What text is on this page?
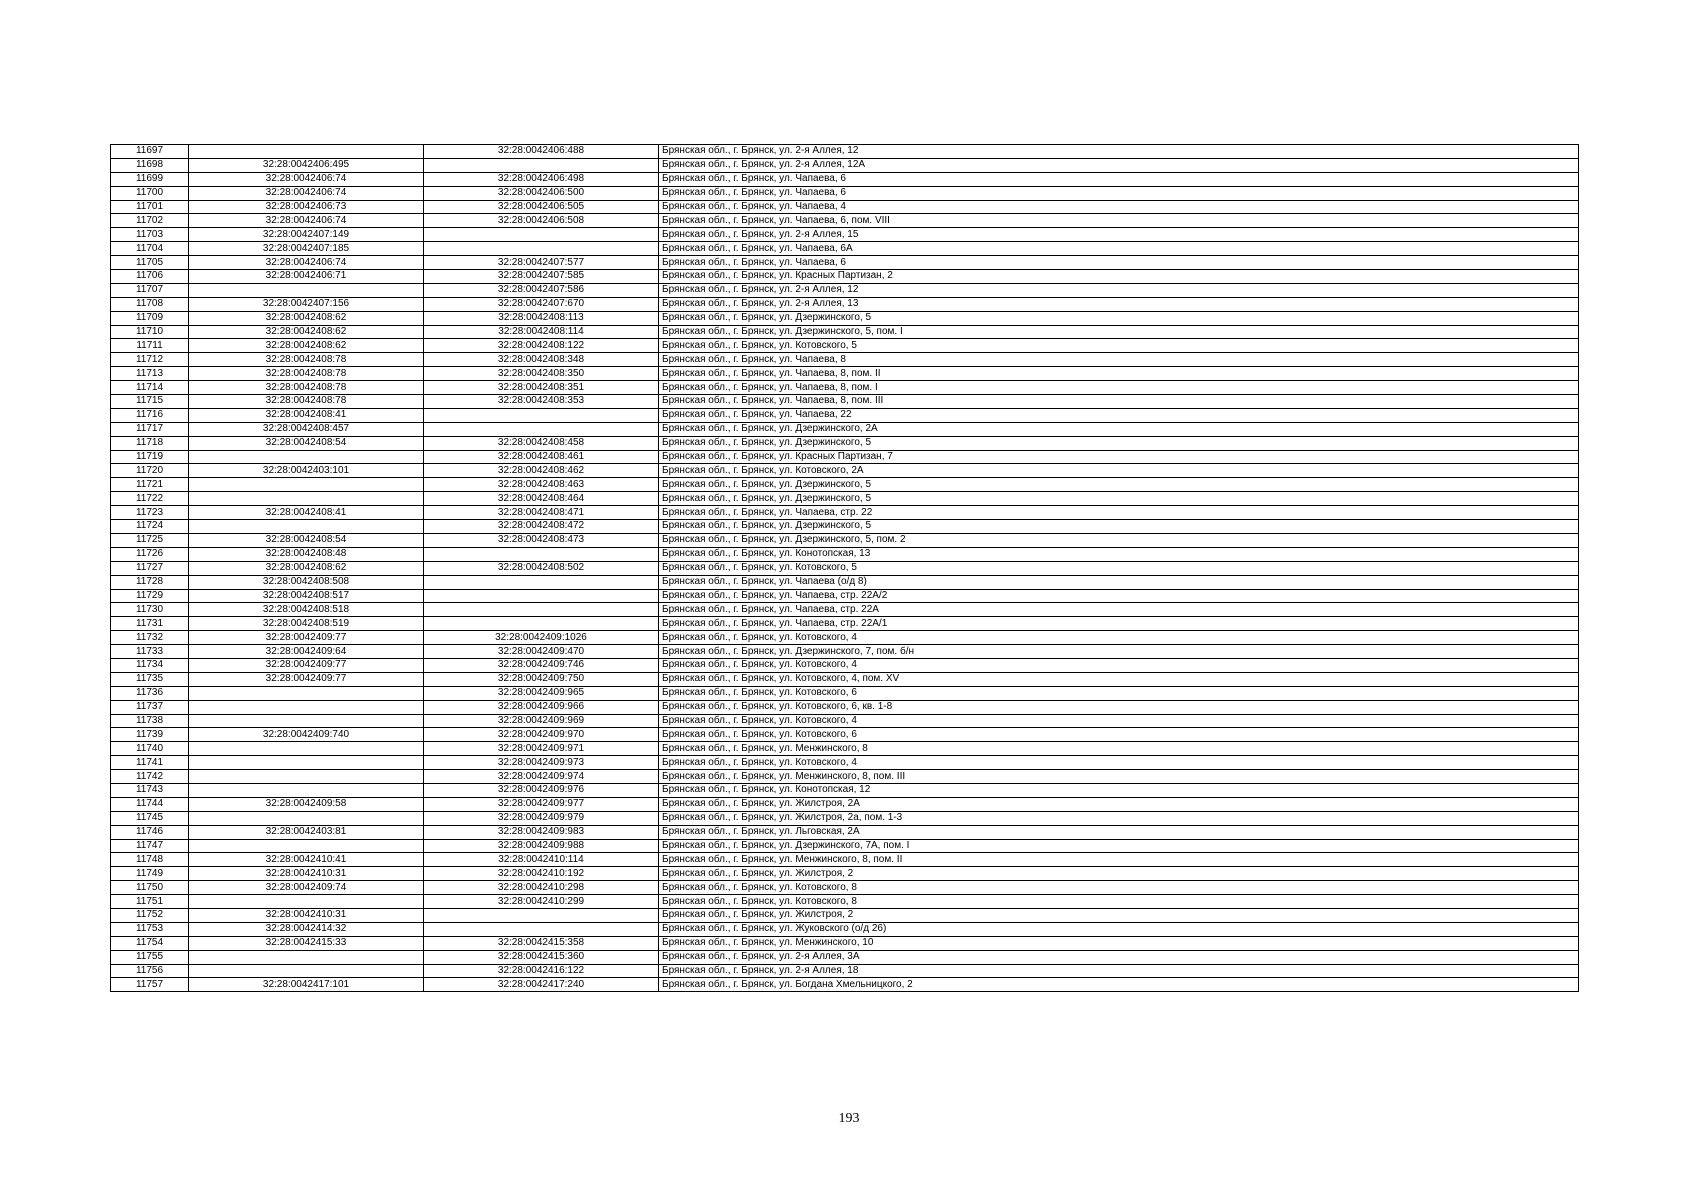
11697		32:28:0042406:488	Брянская обл., г. Брянск, ул. 2-я Аллея, 12
11698	32:28:0042406:495		Брянская обл., г. Брянск, ул. 2-я Аллея, 12А
11699	32:28:0042406:74	32:28:0042406:498	Брянская обл., г. Брянск, ул. Чапаева, 6
11700	32:28:0042406:74	32:28:0042406:500	Брянская обл., г. Брянск, ул. Чапаева, 6
11701	32:28:0042406:73	32:28:0042406:505	Брянская обл., г. Брянск, ул. Чапаева, 4
11702	32:28:0042406:74	32:28:0042406:508	Брянская обл., г. Брянск, ул. Чапаева, 6, пом. VIII
11703	32:28:0042407:149		Брянская обл., г. Брянск, ул. 2-я Аллея, 15
11704	32:28:0042407:185		Брянская обл., г. Брянск, ул. Чапаева, 6А
11705	32:28:0042406:74	32:28:0042407:577	Брянская обл., г. Брянск, ул. Чапаева, 6
11706	32:28:0042406:71	32:28:0042407:585	Брянская обл., г. Брянск, ул. Красных Партизан, 2
11707		32:28:0042407:586	Брянская обл., г. Брянск, ул. 2-я Аллея, 12
11708	32:28:0042407:156	32:28:0042407:670	Брянская обл., г. Брянск, ул. 2-я Аллея, 13
11709	32:28:0042408:62	32:28:0042408:113	Брянская обл., г. Брянск, ул. Дзержинского, 5
11710	32:28:0042408:62	32:28:0042408:114	Брянская обл., г. Брянск, ул. Дзержинского, 5, пом. I
11711	32:28:0042408:62	32:28:0042408:122	Брянская обл., г. Брянск, ул. Котовского, 5
11712	32:28:0042408:78	32:28:0042408:348	Брянская обл., г. Брянск, ул. Чапаева, 8
11713	32:28:0042408:78	32:28:0042408:350	Брянская обл., г. Брянск, ул. Чапаева, 8, пом. II
11714	32:28:0042408:78	32:28:0042408:351	Брянская обл., г. Брянск, ул. Чапаева, 8, пом. I
11715	32:28:0042408:78	32:28:0042408:353	Брянская обл., г. Брянск, ул. Чапаева, 8, пом. III
11716	32:28:0042408:41		Брянская обл., г. Брянск, ул. Чапаева, 22
11717	32:28:0042408:457		Брянская обл., г. Брянск, ул. Дзержинского, 2А
11718	32:28:0042408:54	32:28:0042408:458	Брянская обл., г. Брянск, ул. Дзержинского, 5
11719		32:28:0042408:461	Брянская обл., г. Брянск, ул. Красных Партизан, 7
11720	32:28:0042403:101	32:28:0042408:462	Брянская обл., г. Брянск, ул. Котовского, 2А
11721		32:28:0042408:463	Брянская обл., г. Брянск, ул. Дзержинского, 5
11722		32:28:0042408:464	Брянская обл., г. Брянск, ул. Дзержинского, 5
11723	32:28:0042408:41	32:28:0042408:471	Брянская обл., г. Брянск, ул. Чапаева, стр. 22
11724		32:28:0042408:472	Брянская обл., г. Брянск, ул. Дзержинского, 5
11725	32:28:0042408:54	32:28:0042408:473	Брянская обл., г. Брянск, ул. Дзержинского, 5, пом. 2
11726	32:28:0042408:48		Брянская обл., г. Брянск, ул. Конотопская, 13
11727	32:28:0042408:62	32:28:0042408:502	Брянская обл., г. Брянск, ул. Котовского, 5
11728	32:28:0042408:508		Брянская обл., г. Брянск, ул. Чапаева (о/д 8)
11729	32:28:0042408:517		Брянская обл., г. Брянск, ул. Чапаева, стр. 22А/2
11730	32:28:0042408:518		Брянская обл., г. Брянск, ул. Чапаева, стр. 22А
11731	32:28:0042408:519		Брянская обл., г. Брянск, ул. Чапаева, стр. 22А/1
11732	32:28:0042409:77	32:28:0042409:1026	Брянская обл., г. Брянск, ул. Котовского, 4
11733	32:28:0042409:64	32:28:0042409:470	Брянская обл., г. Брянск, ул. Дзержинского, 7, пом. б/н
11734	32:28:0042409:77	32:28:0042409:746	Брянская обл., г. Брянск, ул. Котовского, 4
11735	32:28:0042409:77	32:28:0042409:750	Брянская обл., г. Брянск, ул. Котовского, 4, пом. XV
11736		32:28:0042409:965	Брянская обл., г. Брянск, ул. Котовского, 6
11737		32:28:0042409:966	Брянская обл., г. Брянск, ул. Котовского, 6, кв. 1-8
11738		32:28:0042409:969	Брянская обл., г. Брянск, ул. Котовского, 4
11739	32:28:0042409:740	32:28:0042409:970	Брянская обл., г. Брянск, ул. Котовского, 6
11740		32:28:0042409:971	Брянская обл., г. Брянск, ул. Менжинского, 8
11741		32:28:0042409:973	Брянская обл., г. Брянск, ул. Котовского, 4
11742		32:28:0042409:974	Брянская обл., г. Брянск, ул. Менжинского, 8, пом. III
11743		32:28:0042409:976	Брянская обл., г. Брянск, ул. Конотопская, 12
11744	32:28:0042409:58	32:28:0042409:977	Брянская обл., г. Брянск, ул. Жилстроя, 2А
11745		32:28:0042409:979	Брянская обл., г. Брянск, ул. Жилстроя, 2а, пом. 1-3
11746	32:28:0042403:81	32:28:0042409:983	Брянская обл., г. Брянск, ул. Льговская, 2А
11747		32:28:0042409:988	Брянская обл., г. Брянск, ул. Дзержинского, 7А, пом. I
11748	32:28:0042410:41	32:28:0042410:114	Брянская обл., г. Брянск, ул. Менжинского, 8, пом. II
11749	32:28:0042410:31	32:28:0042410:192	Брянская обл., г. Брянск, ул. Жилстроя, 2
11750	32:28:0042409:74	32:28:0042410:298	Брянская обл., г. Брянск, ул. Котовского, 8
11751		32:28:0042410:299	Брянская обл., г. Брянск, ул. Котовского, 8
11752	32:28:0042410:31		Брянская обл., г. Брянск, ул. Жилстроя, 2
11753	32:28:0042414:32		Брянская обл., г. Брянск, ул. Жуковского (о/д 26)
11754	32:28:0042415:33	32:28:0042415:358	Брянская обл., г. Брянск, ул. Менжинского, 10
11755		32:28:0042415:360	Брянская обл., г. Брянск, ул. 2-я Аллея, 3А
11756		32:28:0042416:122	Брянская обл., г. Брянск, ул. 2-я Аллея, 18
11757	32:28:0042417:101	32:28:0042417:240	Брянская обл., г. Брянск, ул. Богдана Хмельницкого, 2
193
